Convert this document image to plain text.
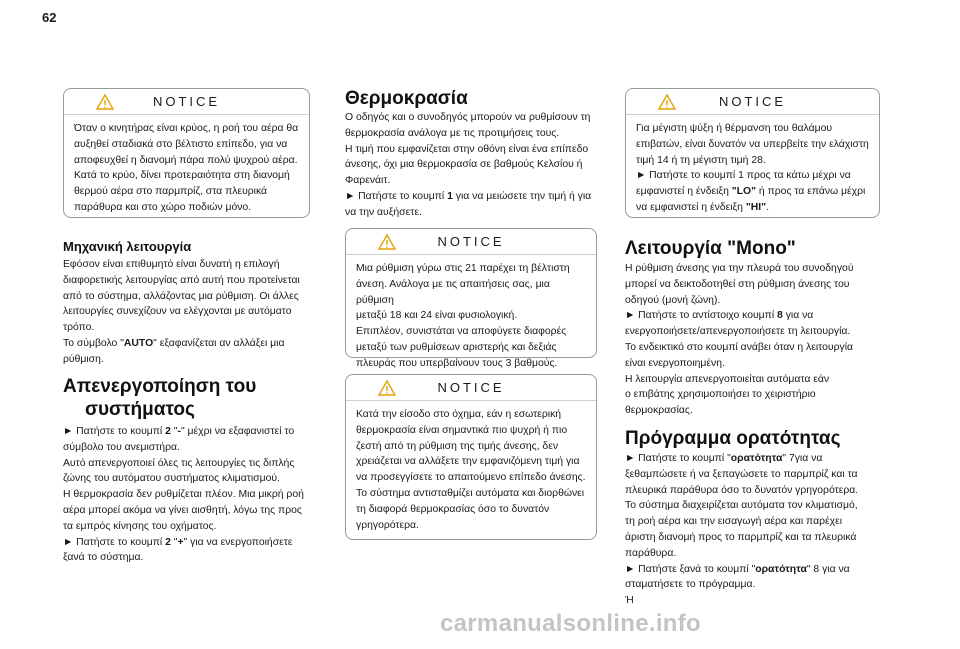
62
NOTICE
Όταν ο κινητήρας είναι κρύος, η ροή του αέρα θα
αυξηθεί σταδιακά στο βέλτιστο επίπεδο, για να
αποφευχθεί η διανομή πάρα πολύ ψυχρού αέρα.
Κατά το κρύο, δίνει προτεραιότητα στη διανομή
θερμού αέρα στο παρμπρίζ, στα πλευρικά
παράθυρα και στο χώρο ποδιών μόνο.
Μηχανική λειτουργία
Εφόσον είναι επιθυμητό είναι δυνατή η επιλογή
διαφορετικής λειτουργίας από αυτή που προτείνεται
από το σύστημα, αλλάζοντας μια ρύθμιση. Οι άλλες
λειτουργίες συνεχίζουν να ελέγχονται με αυτόματο
τρόπο.
Το σύμβολο "AUTO" εξαφανίζεται αν αλλάξει μια
ρύθμιση.
Απενεργοποίηση του
συστήματος
► Πατήστε το κουμπί 2 "-" μέχρι να εξαφανιστεί το
σύμβολο του ανεμιστήρα.
Αυτό απενεργοποιεί όλες τις λειτουργίες τις διπλής
ζώνης του αυτόματου συστήματος κλιματισμού.
Η θερμοκρασία δεν ρυθμίζεται πλέον. Μια μικρή ροή
αέρα μπορεί ακόμα να γίνει αισθητή, λόγω της προς
τα εμπρός κίνησης του οχήματος.
► Πατήστε το κουμπί 2 "+" για να ενεργοποιήσετε
ξανά το σύστημα.
Θερμοκρασία
Ο οδηγός και ο συνοδηγός μπορούν να ρυθμίσουν τη
θερμοκρασία ανάλογα με τις προτιμήσεις τους.
Η τιμή που εμφανίζεται στην οθόνη είναι ένα επίπεδο
άνεσης, όχι μια θερμοκρασία σε βαθμούς Κελσίου ή
Φαρενάιτ.
► Πατήστε το κουμπί 1 για να μειώσετε την τιμή ή για
να την αυξήσετε.
NOTICE
Μια ρύθμιση γύρω στις 21 παρέχει τη βέλτιστη
άνεση. Ανάλογα με τις απαιτήσεις σας, μια ρύθμιση
μεταξύ 18 και 24 είναι φυσιολογική.
Επιπλέον, συνιστάται να αποφύγετε διαφορές
μεταξύ των ρυθμίσεων αριστερής και δεξιάς
πλευράς που υπερβαίνουν τους 3 βαθμούς.
NOTICE
Κατά την είσοδο στο όχημα, εάν η εσωτερική
θερμοκρασία είναι σημαντικά πιο ψυχρή ή πιο
ζεστή από τη ρύθμιση της τιμής άνεσης, δεν
χρειάζεται να αλλάξετε την εμφανιζόμενη τιμή για
να προσεγγίσετε το απαιτούμενο επίπεδο άνεσης.
Το σύστημα αντισταθμίζει αυτόματα και διορθώνει
τη διαφορά θερμοκρασίας όσο το δυνατόν
γρηγορότερα.
NOTICE
Για μέγιστη ψύξη ή θέρμανση του θαλάμου
επιβατών, είναι δυνατόν να υπερβείτε την ελάχιστη
τιμή 14 ή τη μέγιστη τιμή 28.
► Πατήστε το κουμπί 1 προς τα κάτω μέχρι να
εμφανιστεί η ένδειξη "LO" ή προς τα επάνω μέχρι
να εμφανιστεί η ένδειξη "HI".
Λειτουργία "Mono"
Η ρύθμιση άνεσης για την πλευρά του συνοδηγού
μπορεί να δεικτοδοτηθεί στη ρύθμιση άνεσης του
οδηγού (μονή ζώνη).
► Πατήστε το αντίστοιχο κουμπί 8 για να
ενεργοποιήσετε/απενεργοποιήσετε τη λειτουργία.
Το ενδεικτικό στο κουμπί ανάβει όταν η λειτουργία
είναι ενεργοποιημένη.
Η λειτουργία απενεργοποιείται αυτόματα εάν
ο επιβάτης χρησιμοποιήσει το χειριστήριο
θερμοκρασίας.
Πρόγραμμα ορατότητας
► Πατήστε το κουμπί "ορατότητα" 7για να
ξεθαμπώσετε ή να ξεπαγώσετε το παρμπρίζ και τα
πλευρικά παράθυρα όσο το δυνατόν γρηγορότερα.
Το σύστημα διαχειρίζεται αυτόματα τον κλιματισμό,
τη ροή αέρα και την εισαγωγή αέρα και παρέχει
άριστη διανομή προς το παρμπρίζ και τα πλευρικά
παράθυρα.
► Πατήστε ξανά το κουμπί "ορατότητα" 8 για να
σταματήσετε το πρόγραμμα.
Ή
carmanualsonline.info
